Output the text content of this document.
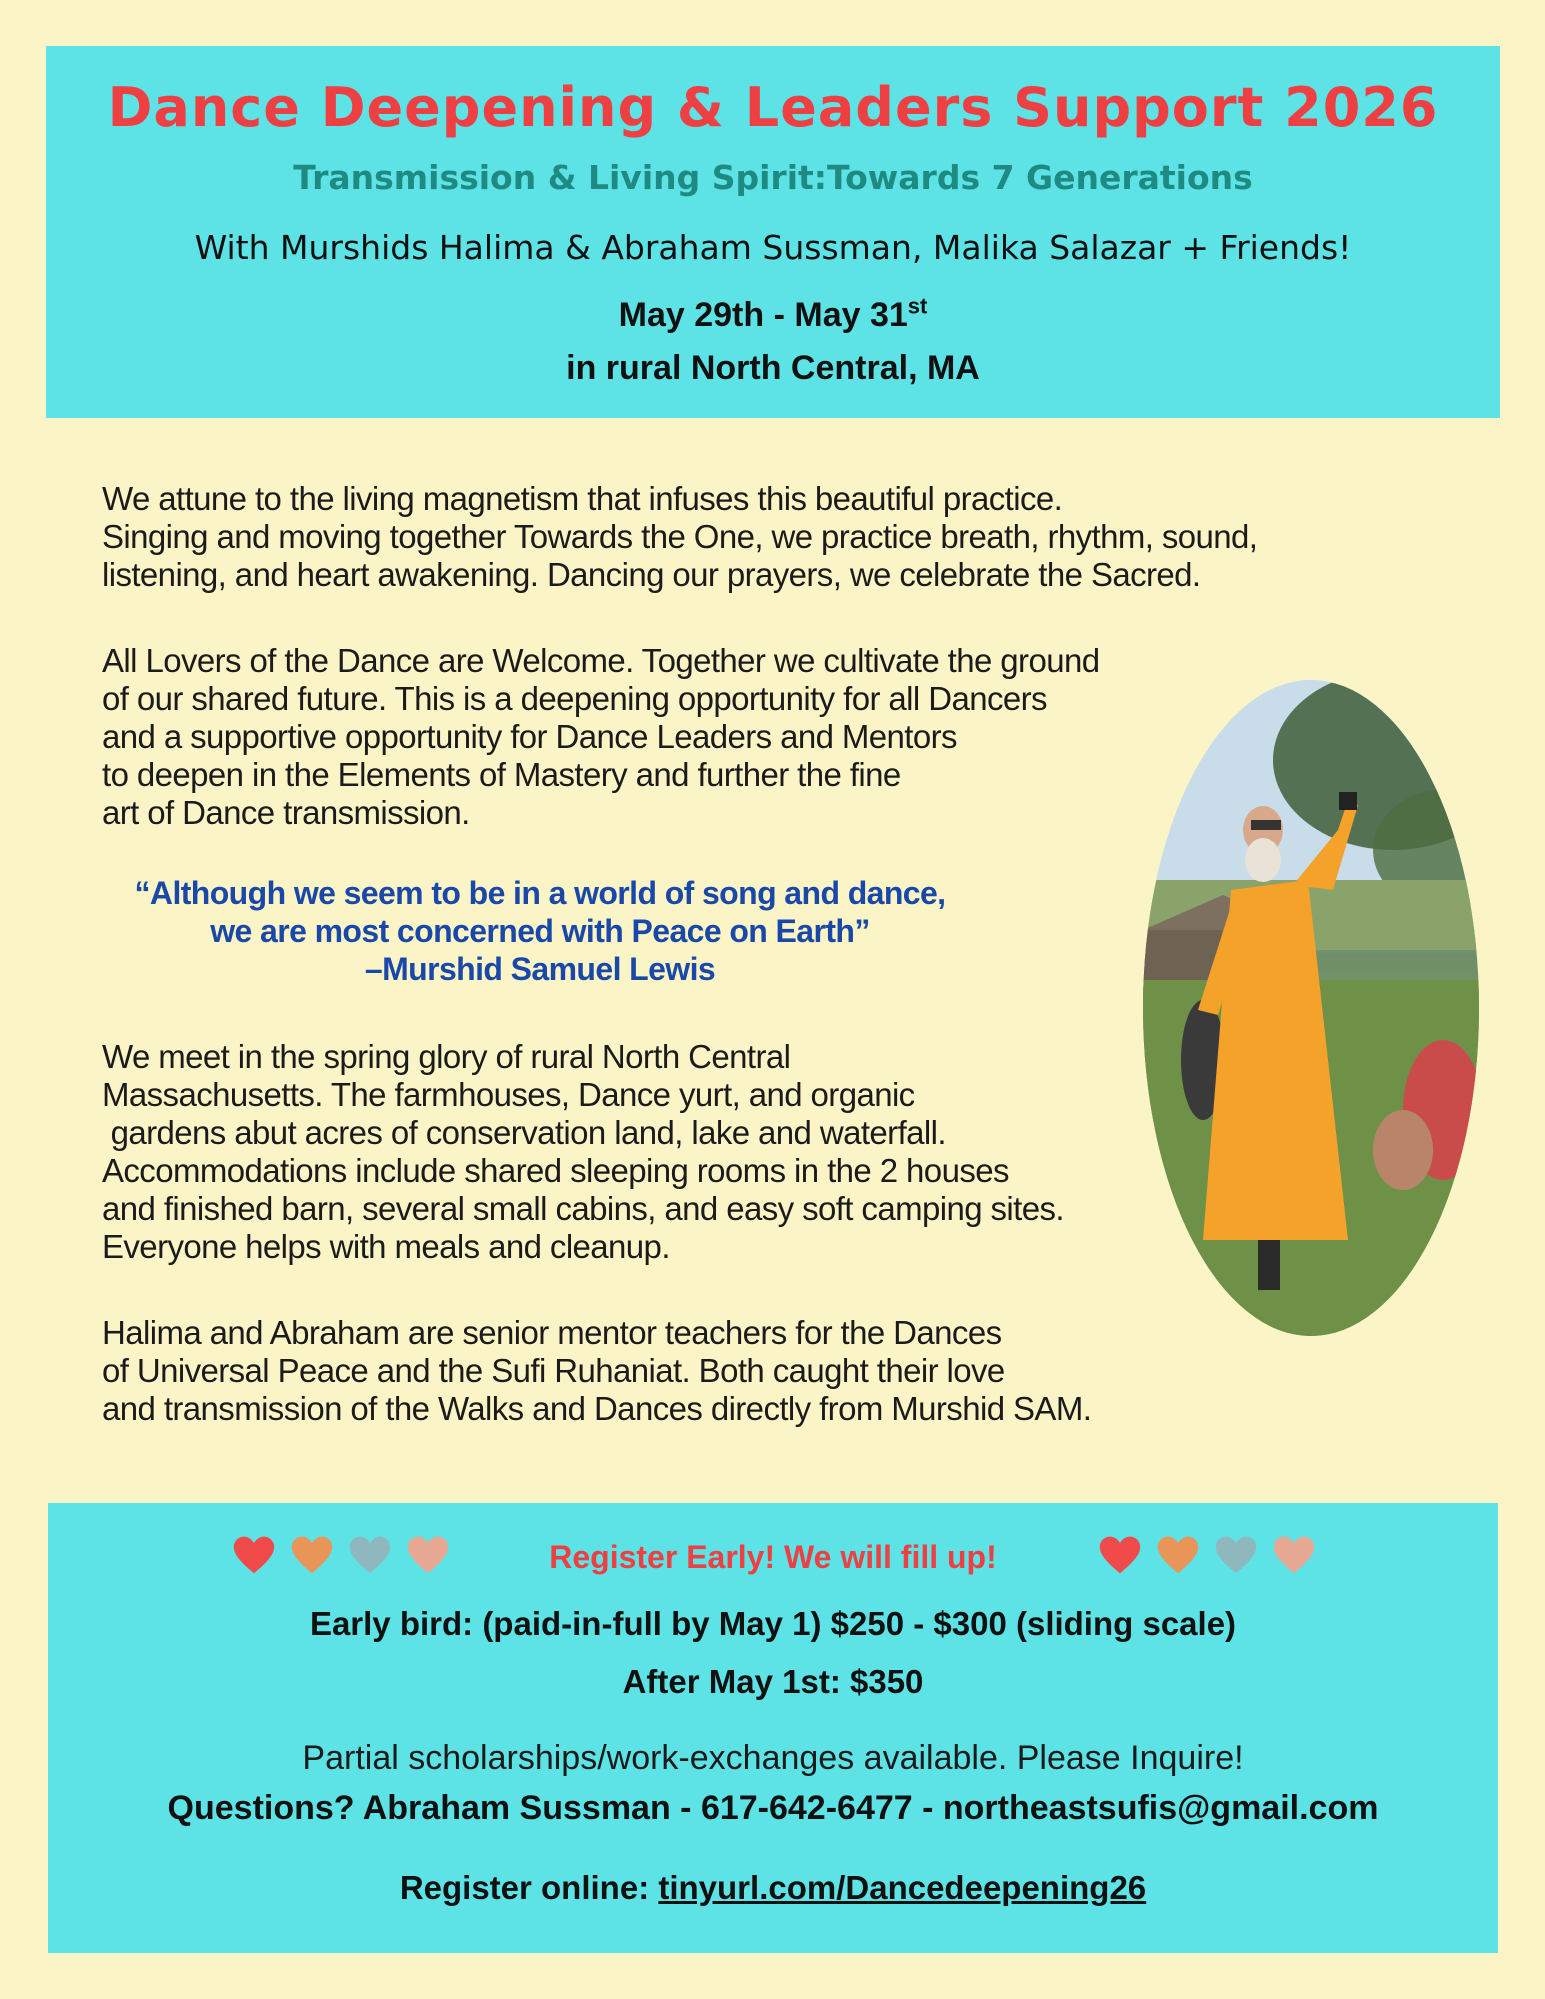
Dance Deepening & Leaders Support 2026
Transmission & Living Spirit:Towards 7 Generations
With Murshids Halima & Abraham Sussman, Malika Salazar + Friends!
May 29th - May 31st
in rural North Central, MA
We attune to the living magnetism that infuses this beautiful practice.
Singing and moving together Towards the One, we practice breath, rhythm, sound,
listening, and heart awakening. Dancing our prayers, we celebrate the Sacred.
All Lovers of the Dance are Welcome. Together we cultivate the ground
of our shared future. This is a deepening opportunity for all Dancers
and a supportive opportunity for Dance Leaders and Mentors
to deepen in the Elements of Mastery and further the fine
art of Dance transmission.
“Although we seem to be in a world of song and dance,
we are most concerned with Peace on Earth”
–Murshid Samuel Lewis
We meet in the spring glory of rural North Central
Massachusetts. The farmhouses, Dance yurt, and organic
gardens abut acres of conservation land, lake and waterfall.
Accommodations include shared sleeping rooms in the 2 houses
and finished barn, several small cabins, and easy soft camping sites.
Everyone helps with meals and cleanup.
Halima and Abraham are senior mentor teachers for the Dances
of Universal Peace and the Sufi Ruhaniat. Both caught their love
and transmission of the Walks and Dances directly from Murshid SAM.
Register Early! We will fill up!
Early bird: (paid-in-full by May 1) $250 - $300 (sliding scale)
After May 1st: $350
Partial scholarships/work-exchanges available. Please Inquire!
Questions? Abraham Sussman - 617-642-6477 - northeastsufis@gmail.com
Register online: tinyurl.com/Dancedeepening26
